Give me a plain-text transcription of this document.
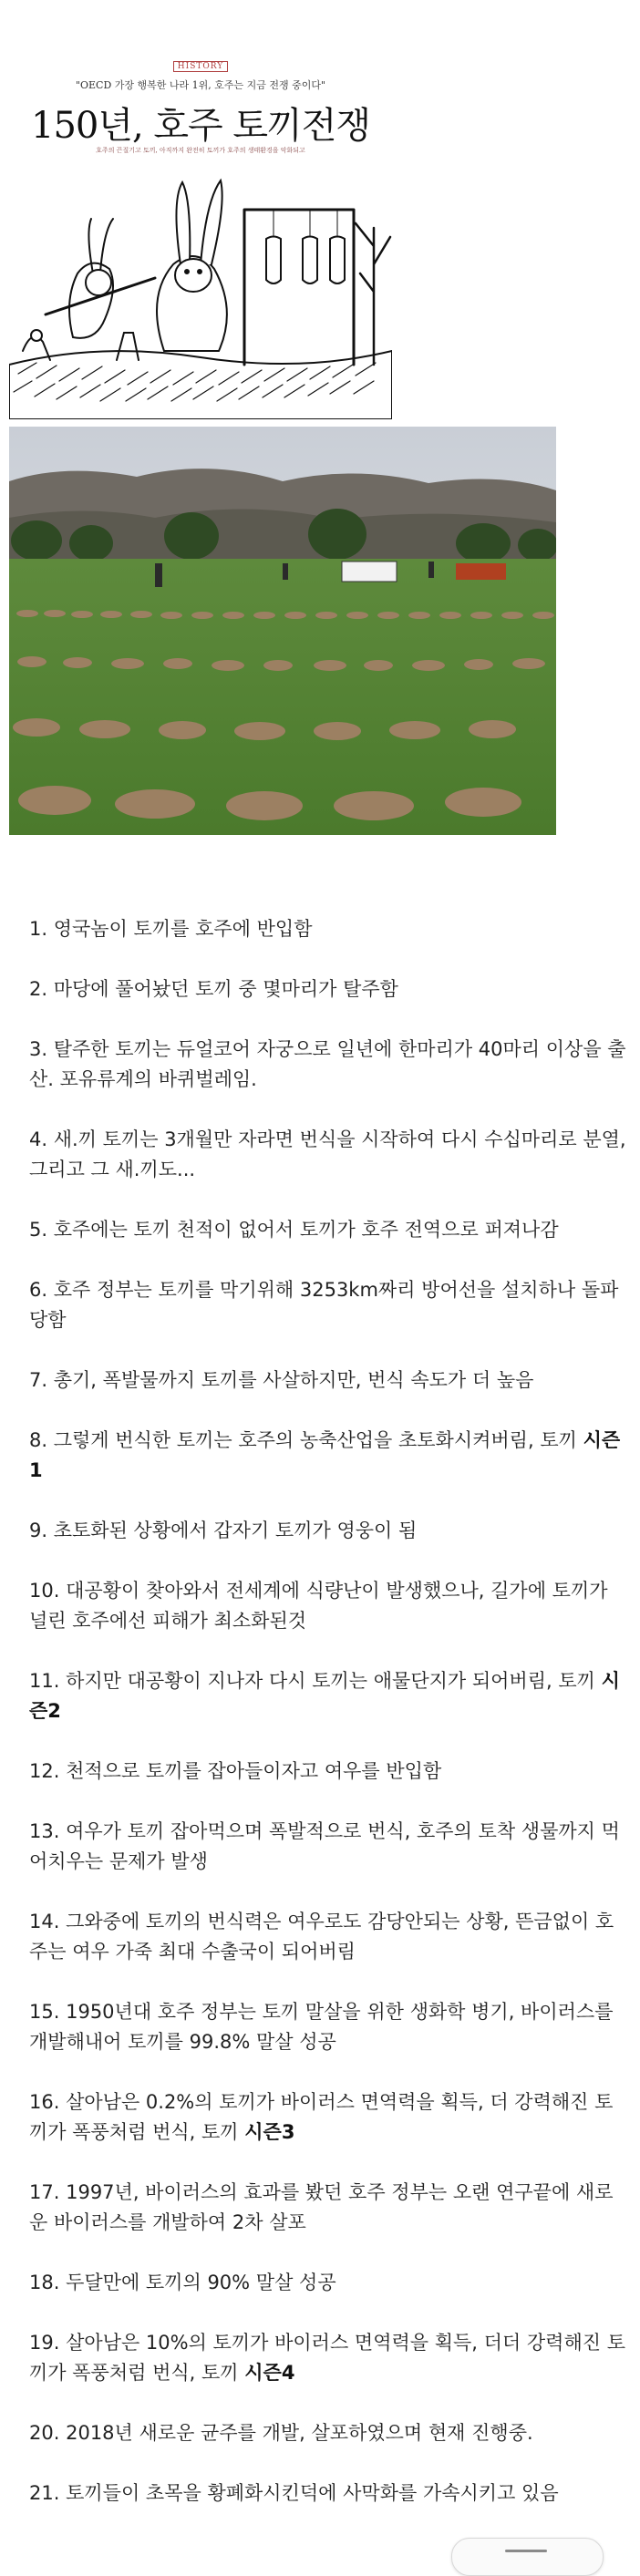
HISTORY
"OECD 가장 행복한 나라 1위, 호주는 지금 전쟁 중이다"
150년, 호주 토끼전쟁
호주의 끈질기고 토끼, 아직까지 완전히 토끼가 호주의 생태환경을 악화되고
1. 영국놈이 토끼를 호주에 반입함
2. 마당에 풀어놨던 토끼 중 몇마리가 탈주함
3. 탈주한 토끼는 듀얼코어 자궁으로 일년에 한마리가 40마리 이상을 출산. 포유류계의 바퀴벌레임.
4. 새.끼 토끼는 3개월만 자라면 번식을 시작하여 다시 수십마리로 분열, 그리고 그 새.끼도...
5. 호주에는 토끼 천적이 없어서 토끼가 호주 전역으로 퍼져나감
6. 호주 정부는 토끼를 막기위해 3253km짜리 방어선을 설치하나 돌파당함
7. 총기, 폭발물까지 토끼를 사살하지만, 번식 속도가 더 높음
8. 그렇게 번식한 토끼는 호주의 농축산업을 초토화시켜버림, 토끼 시즌1
9. 초토화된 상황에서 갑자기 토끼가 영웅이 됨
10. 대공황이 찾아와서 전세계에 식량난이 발생했으나, 길가에 토끼가 널린 호주에선 피해가 최소화된것
11. 하지만 대공황이 지나자 다시 토끼는 애물단지가 되어버림, 토끼 시즌2
12. 천적으로 토끼를 잡아들이자고 여우를 반입함
13. 여우가 토끼 잡아먹으며 폭발적으로 번식, 호주의 토착 생물까지 먹어치우는 문제가 발생
14. 그와중에 토끼의 번식력은 여우로도 감당안되는 상황, 뜬금없이 호주는 여우 가죽 최대 수출국이 되어버림
15. 1950년대 호주 정부는 토끼 말살을 위한 생화학 병기, 바이러스를 개발해내어 토끼를 99.8% 말살 성공
16. 살아남은 0.2%의 토끼가 바이러스 면역력을 획득, 더 강력해진 토끼가 폭풍처럼 번식, 토끼 시즌3
17. 1997년, 바이러스의 효과를 봤던 호주 정부는 오랜 연구끝에 새로운 바이러스를 개발하여 2차 살포
18. 두달만에 토끼의 90% 말살 성공
19. 살아남은 10%의 토끼가 바이러스 면역력을 획득, 더더 강력해진 토끼가 폭풍처럼 번식, 토끼 시즌4
20. 2018년 새로운 균주를 개발, 살포하였으며 현재 진행중.
21. 토끼들이 초목을 황폐화시킨덕에 사막화를 가속시키고 있음
